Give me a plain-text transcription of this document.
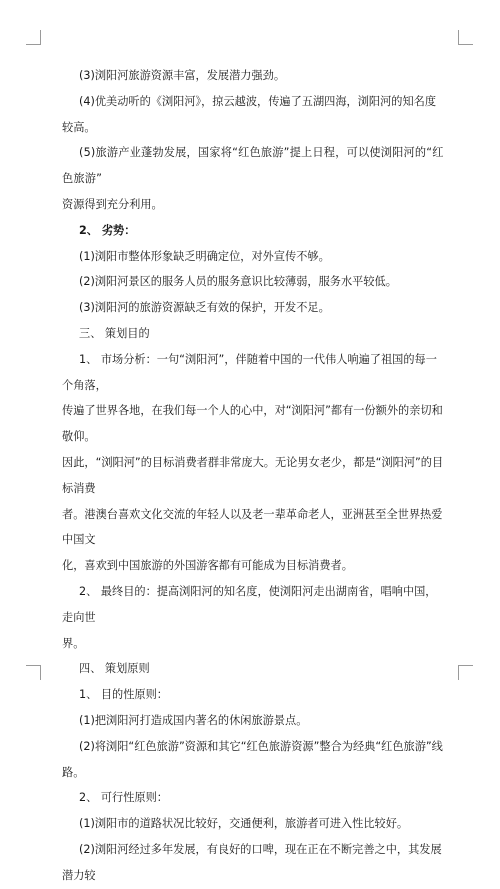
(3)浏阳河旅游资源丰富，发展潜力强劲。

(4)优美动听的《浏阳河》，掠云越波，传遍了五湖四海，浏阳河的知名度较高。

(5)旅游产业蓬勃发展，国家将“红色旅游”提上日程，可以使浏阳河的“红色旅游”

资源得到充分利用。

2、 劣势：

(1)浏阳市整体形象缺乏明确定位，对外宣传不够。

(2)浏阳河景区的服务人员的服务意识比较薄弱，服务水平较低。

(3)浏阳河的旅游资源缺乏有效的保护，开发不足。

三、 策划目的

1、 市场分析：一句“浏阳河”，伴随着中国的一代伟人响遍了祖国的每一个角落，

传遍了世界各地，在我们每一个人的心中，对“浏阳河”都有一份额外的亲切和敬仰。

因此，“浏阳河”的目标消费者群非常庞大。无论男女老少，都是“浏阳河”的目标消费

者。港澳台喜欢文化交流的年轻人以及老一辈革命老人，亚洲甚至全世界热爱中国文

化，喜欢到中国旅游的外国游客都有可能成为目标消费者。

2、 最终目的：提高浏阳河的知名度，使浏阳河走出湖南省，唱响中国，走向世

界。

四、 策划原则

1、 目的性原则：

(1)把浏阳河打造成国内著名的休闲旅游景点。

(2)将浏阳“红色旅游”资源和其它“红色旅游资源”整合为经典“红色旅游”线路。

2、 可行性原则：

(1)浏阳市的道路状况比较好，交通便利，旅游者可进入性比较好。

(2)浏阳河经过多年发展，有良好的口啤，现在正在不断完善之中，其发展潜力较
